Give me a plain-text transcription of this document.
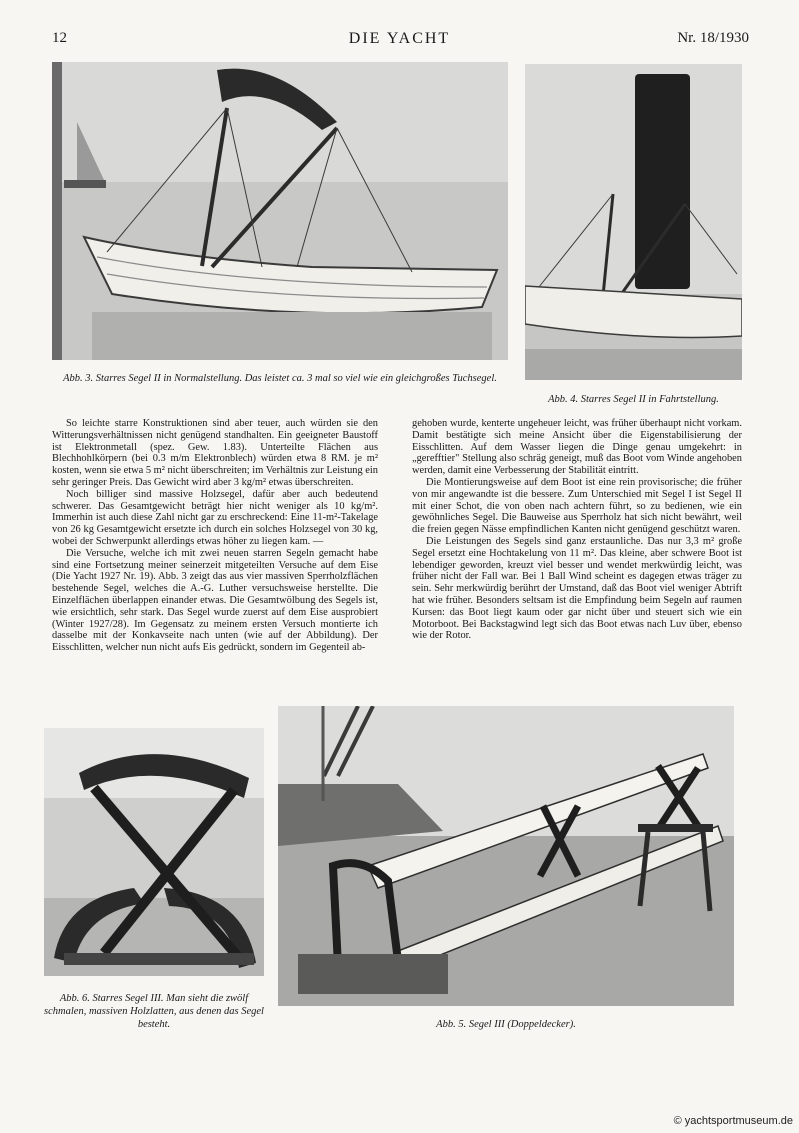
12	DIE YACHT	Nr. 18/1930
Abb. 3. Starres Segel II in Normalstellung. Das leistet ca. 3 mal so viel wie ein gleichgroßes Tuchsegel.
Abb. 4. Starres Segel II in Fahrtstellung.

So leichte starre Konstruktionen sind aber teuer, auch würden sie den Witterungsverhältnissen nicht genügend standhalten. Ein geeigneter Baustoff ist Elektronmetall (spez. Gew. 1.83). Unterteilte Flächen aus Blechhohlkörpern (bei 0.3 m/m Elektronblech) würden etwa 8 RM. je m² kosten, wenn sie etwa 5 m² nicht überschreiten; im Verhältnis zur Leistung ein sehr geringer Preis. Das Gewicht wird aber 3 kg/m² etwas überschreiten.

Noch billiger sind massive Holzsegel, dafür aber auch bedeutend schwerer. Das Gesamtgewicht beträgt hier nicht weniger als 10 kg/m². Immerhin ist auch diese Zahl nicht gar zu erschreckend: Eine 11-m²-Takelage von 26 kg Gesamtgewicht ersetzte ich durch ein solches Holzsegel von 30 kg, wobei der Schwerpunkt allerdings etwas höher zu liegen kam. —

Die Versuche, welche ich mit zwei neuen starren Segeln gemacht habe sind eine Fortsetzung meiner seinerzeit mitgeteilten Versuche auf dem Eise (Die Yacht 1927 Nr. 19). Abb. 3 zeigt das aus vier massiven Sperrholzflächen bestehende Segel, welches die A.-G. Luther versuchsweise herstellte. Die Einzelflächen überlappen einander etwas. Die Gesamtwölbung des Segels ist, wie ersichtlich, sehr stark. Das Segel wurde zuerst auf dem Eise ausprobiert (Winter 1927/28). Im Gegensatz zu meinem ersten Versuch montierte ich dasselbe mit der Konkavseite nach unten (wie auf der Abbildung). Der Eisschlitten, welcher nun nicht aufs Eis gedrückt, sondern im Gegenteil ab-

gehoben wurde, kenterte ungeheuer leicht, was früher überhaupt nicht vorkam. Damit bestätigte sich meine Ansicht über die Eigenstabilisierung der Eisschlitten. Auf dem Wasser liegen die Dinge genau umgekehrt: in „gerefftier" Stellung also schräg geneigt, muß das Boot vom Winde angehoben werden, damit eine Verbesserung der Stabilität eintritt.

Die Montierungsweise auf dem Boot ist eine rein provisorische; die früher von mir angewandte ist die bessere. Zum Unterschied mit Segel I ist Segel II mit einer Schot, die von oben nach achtern führt, so zu bedienen, wie ein gewöhnliches Segel. Die Bauweise aus Sperrholz hat sich nicht bewährt, weil die freien gegen Nässe empfindlichen Kanten nicht genügend geschützt waren.

Die Leistungen des Segels sind ganz erstaunliche. Das nur 3,3 m² große Segel ersetzt eine Hochtakelung von 11 m². Das kleine, aber schwere Boot ist lebendiger geworden, kreuzt viel besser und wendet merkwürdig leicht, was früher nicht der Fall war. Bei 1 Ball Wind scheint es dagegen etwas träger zu sein. Sehr merkwürdig berührt der Umstand, daß das Boot viel weniger Abtrift hat wie früher. Besonders seltsam ist die Empfindung beim Segeln auf raumen Kursen: das Boot liegt kaum oder gar nicht über und steuert sich wie ein Motorboot. Bei Backstagwind legt sich das Boot etwas nach Luv über, ebenso wie der Rotor.

Abb. 6. Starres Segel III. Man sieht die zwölf schmalen, massiven Holzlatten, aus denen das Segel besteht.	Abb. 5. Segel III (Doppeldecker).
© yachtsportmuseum.de
